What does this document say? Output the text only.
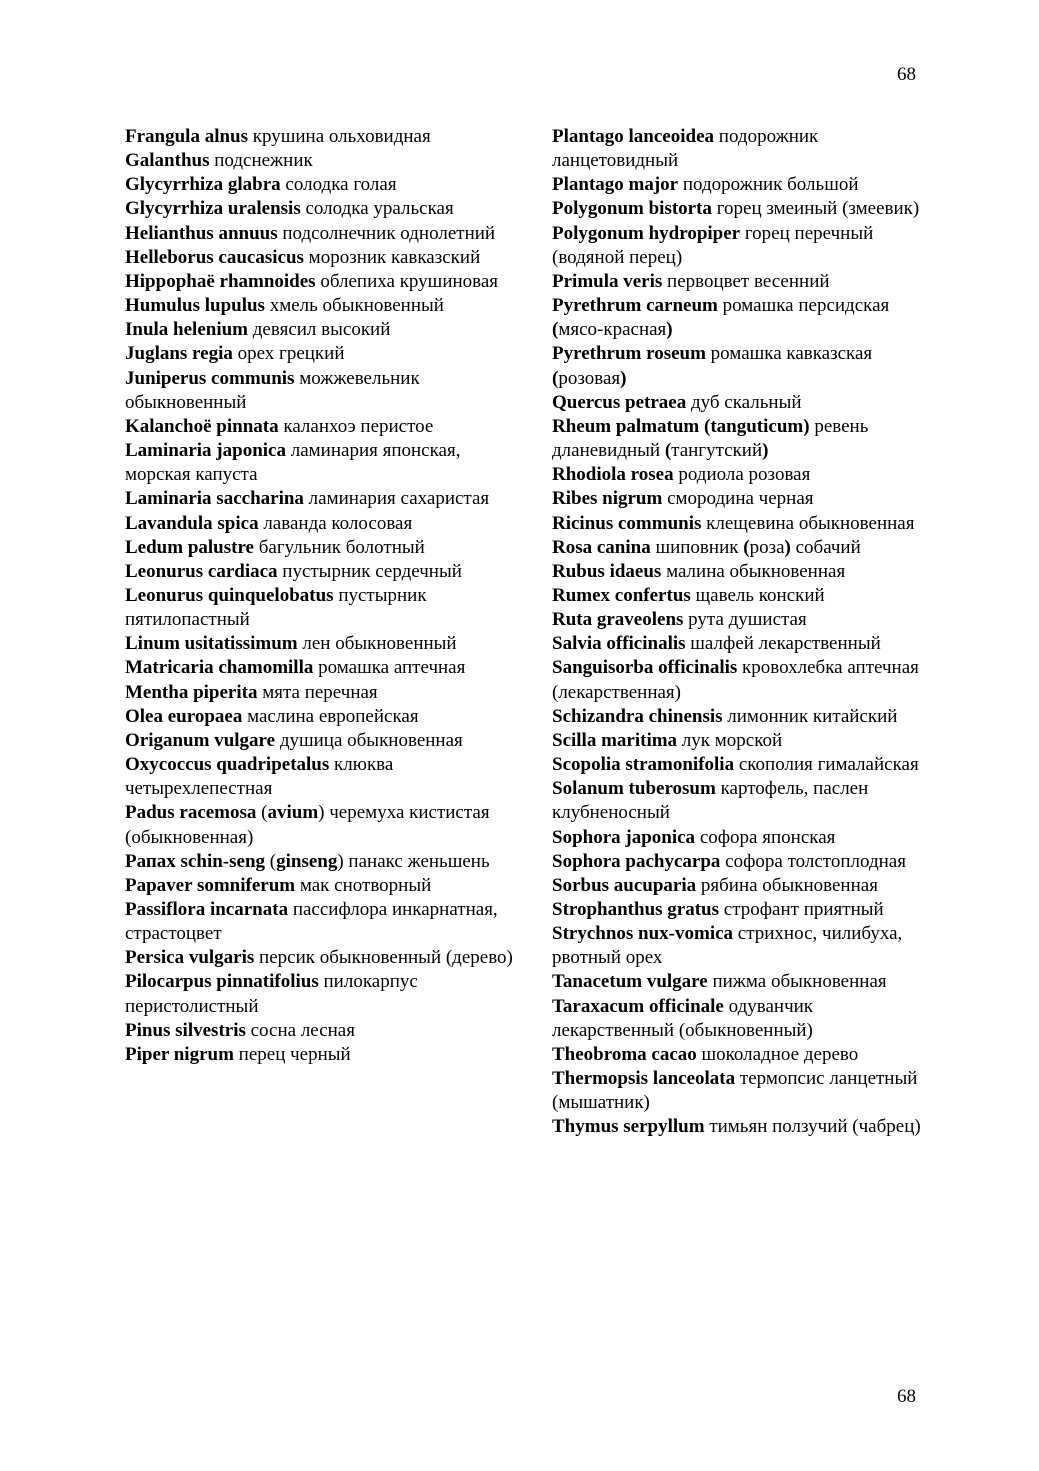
68

Frangula alnus крушина ольховидная

Galanthus подснежник

Glycyrrhiza glabra солодка голая

Glycyrrhiza uralensis солодка уральская

Helianthus annuus подсолнечник однолетний

Helleborus caucasicus морозник кавказский

Hippophaё rhamnoides облепиха крушиновая

Humulus lupulus хмель обыкновенный

Inula helenium девясил высокий

Juglans regia орех грецкий

Juniperus communis можжевельник обыкновенный

Kalanchoё pinnata каланхоэ перистое

Laminaria japonica ламинария японская, морская капуста

Laminaria saccharina ламинария сахаристая

Lavandula spica лаванда колосовая

Ledum palustre багульник болотный

Leonurus cardiaca пустырник сердечный

Leonurus quinquelobatus пустырник пятилопастный

Linum usitatissimum лен обыкновенный

Matricaria chamomilla ромашка аптечная

Mentha piperita мята перечная

Olea europaea маслина европейская

Origanum vulgare душица обыкновенная

Oxycoccus quadripetalus клюква четырехлепестная

Padus racemosa (avium) черемуха кистистая (обыкновенная)

Рапах schin-seng (ginseng) панакс женьшень

Papaver somniferum мак снотворный

Passiflora incarnata пассифлора инкарнатная, страстоцвет

Persica vulgaris персик обыкновенный (дерево)

Pilocarpus pinnatifolius пилокарпус перистолистный

Pinus silvestris сосна лесная

Piper nigrum перец черный

Plantago lanceoidea подорожник ланцетовидный

Plantago major подорожник большой

Polygonum bistorta горец змеиный (змеевик)

Polygonum hydropiper горец перечный (водяной перец)

Primula veris первоцвет весенний

Pyrethrum carneum ромашка персидская (мясо-красная)

Pyrethrum roseum ромашка кавказская (розовая)

Quercus petraea дуб скальный

Rheum palmatum (tanguticum) ревень дланевидный (тангутский)

Rhodiola rosea родиола розовая

Ribes nigrum смородина черная

Ricinus communis клещевина обыкновенная

Rosa canina шиповник (роза) собачий

Rubus idaeus малина обыкновенная

Rumex confertus щавель конский

Ruta graveolens рута душистая

Salvia officinalis шалфей лекарственный

Sanguisorba officinalis кровохлебка аптечная (лекарственная)

Schizandra chinensis лимонник китайский

Scilla maritima лук морской

Scopolia stramonifolia скополия гималайская

Solanum tuberosum картофель, паслен клубненосный

Sophora japonica софора японская

Sophora pachycarpa софора толстоплодная

Sorbus aucuparia рябина обыкновенная

Strophanthus gratus строфант приятный

Strychnos nux-vomica стрихнос, чилибуха, рвотный орех

Tanacetum vulgare пижма обыкновенная

Taraxacum officinale одуванчик лекарственный (обыкновенный)

Theobroma cacao шоколадное дерево

Thermopsis lanceolata термопсис ланцетный (мышатник)

Thymus serpyllum тимьян ползучий (чабрец)

68
